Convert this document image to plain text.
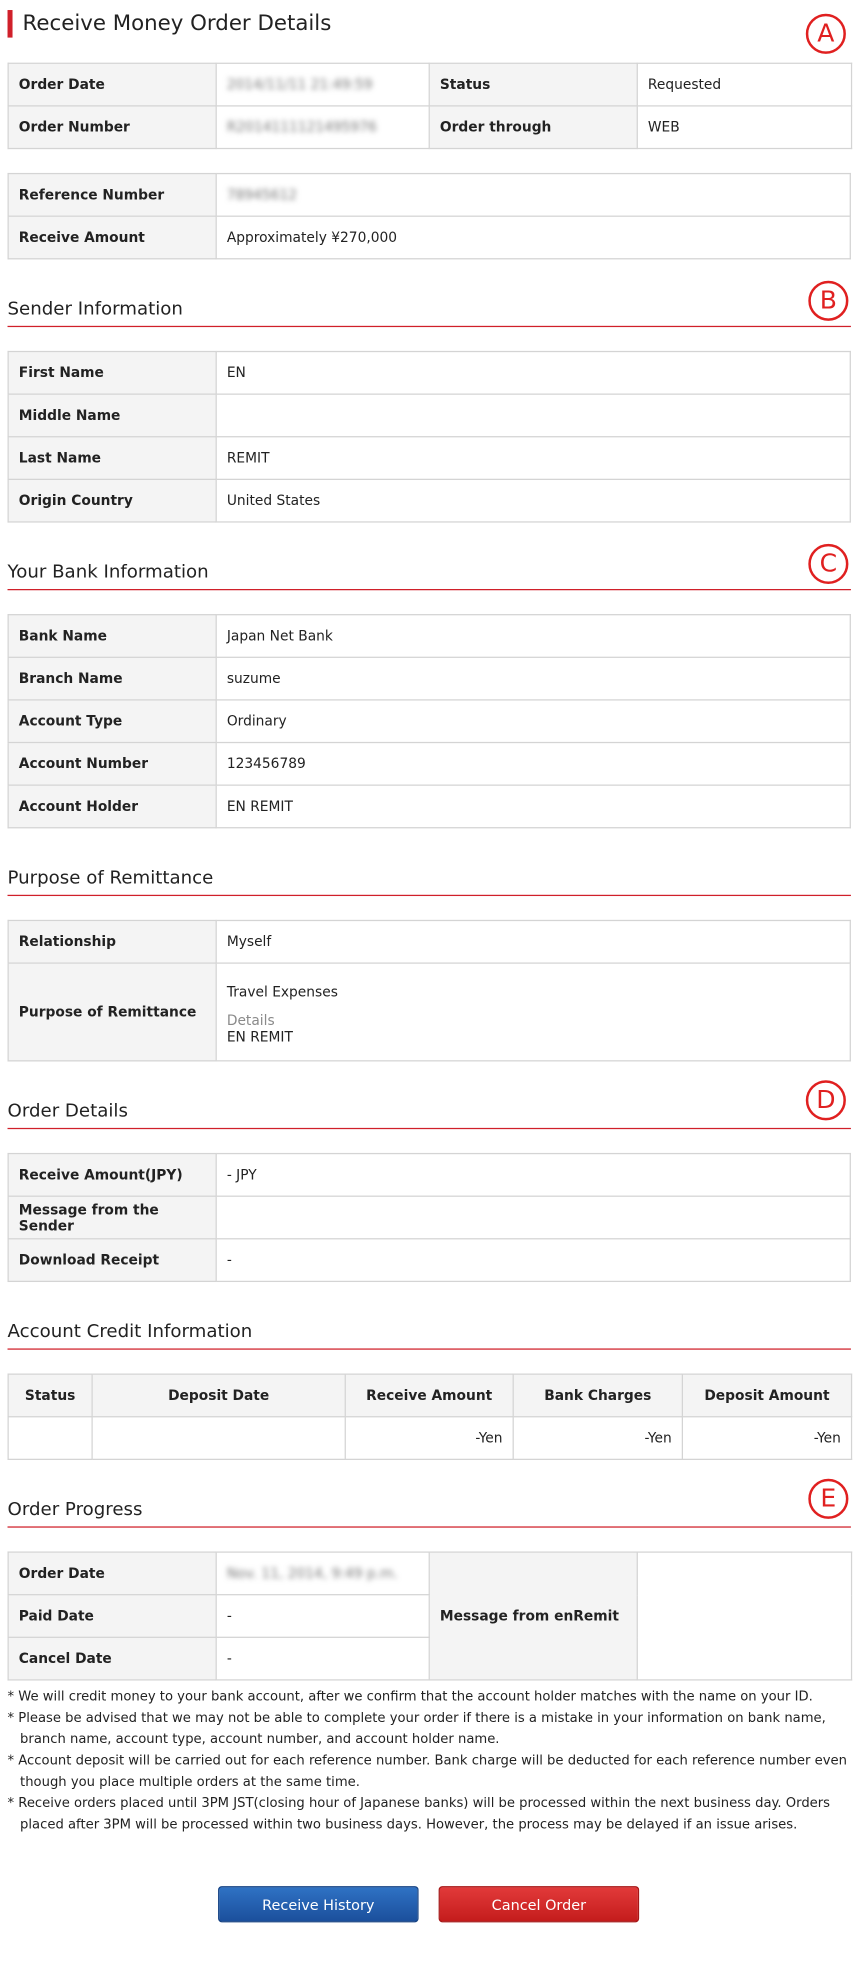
Receive Money Order Details	A
B
C
D
E
Order Date	2014/11/11 21:49:59	Status	Requested
Order Number	R2014111121495976	Order through	WEB
Reference Number	78945612
Receive Amount	Approximately ¥270,000
Sender Information
First Name	EN
Middle Name	
Last Name	REMIT
Origin Country	United States
Your Bank Information
Bank Name	Japan Net Bank
Branch Name	suzume
Account Type	Ordinary
Account Number	123456789
Account Holder	EN REMIT
Purpose of Remittance
Relationship	Myself
Purpose of Remittance	Travel Expenses
Details
EN REMIT
Order Details
Receive Amount(JPY)	- JPY
Message from the Sender	
Download Receipt	-
Account Credit Information
Status	Deposit Date	Receive Amount	Bank Charges	Deposit Amount
		-Yen	-Yen	-Yen
Order Progress
Order Date	Nov. 11, 2014, 9:49 p.m.	Message from enRemit	
Paid Date	-		
Cancel Date	-		
* We will credit money to your bank account, after we confirm that the account holder matches with the name on your ID.
* Please be advised that we may not be able to complete your order if there is a mistake in your information on bank name, branch name, account type, account number, and account holder name.
* Account deposit will be carried out for each reference number. Bank charge will be deducted for each reference number even though you place multiple orders at the same time.
* Receive orders placed until 3PM JST(closing hour of Japanese banks) will be processed within the next business day. Orders placed after 3PM will be processed within two business days. However, the process may be delayed if an issue arises.
Receive History	Cancel Order
